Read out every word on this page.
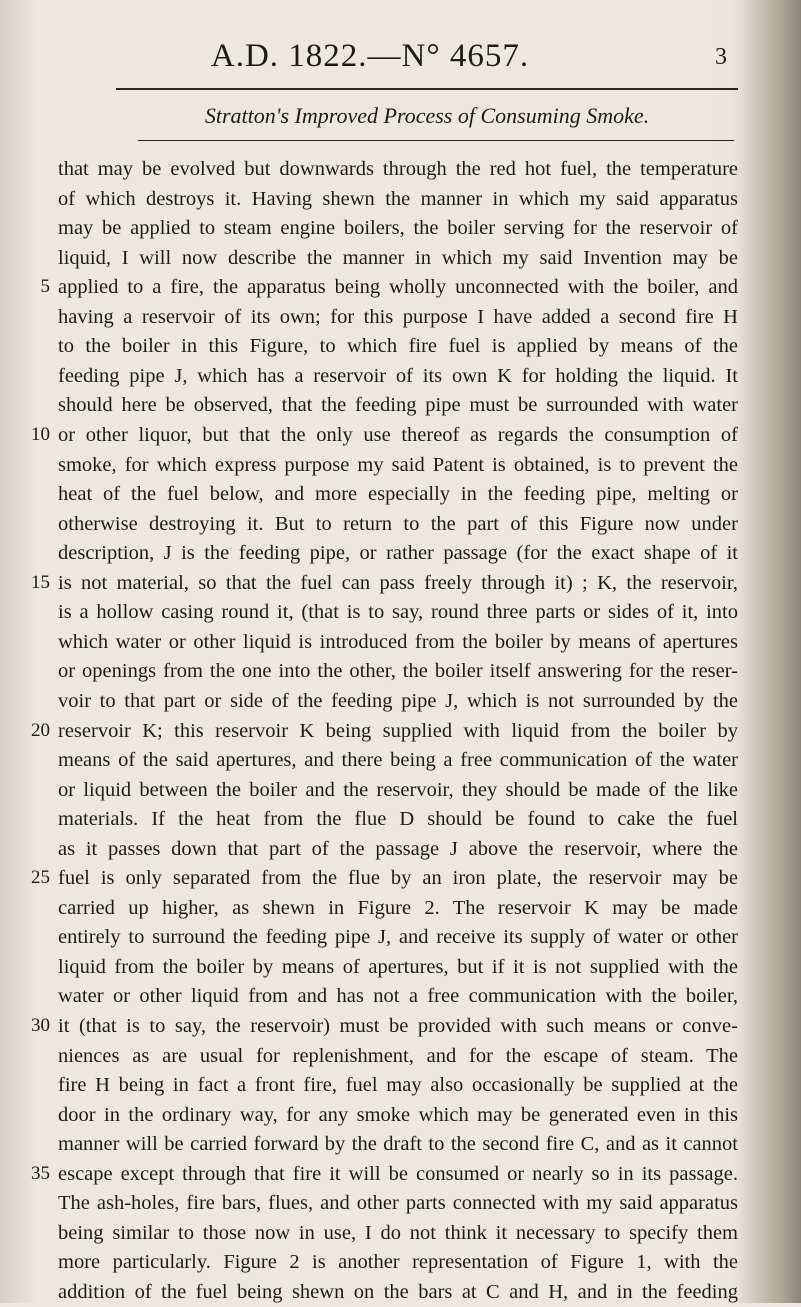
A.D. 1822.—N° 4657.	3
Stratton's Improved Process of Consuming Smoke.
that may be evolved but downwards through the red hot fuel, the temperature
of which destroys it. Having shewn the manner in which my said apparatus
may be applied to steam engine boilers, the boiler serving for the reservoir of
liquid, I will now describe the manner in which my said Invention may be
5 applied to a fire, the apparatus being wholly unconnected with the boiler, and
having a reservoir of its own; for this purpose I have added a second fire H
to the boiler in this Figure, to which fire fuel is applied by means of the
feeding pipe J, which has a reservoir of its own K for holding the liquid. It
should here be observed, that the feeding pipe must be surrounded with water
10 or other liquor, but that the only use thereof as regards the consumption of
smoke, for which express purpose my said Patent is obtained, is to prevent the
heat of the fuel below, and more especially in the feeding pipe, melting or
otherwise destroying it. But to return to the part of this Figure now under
description, J is the feeding pipe, or rather passage (for the exact shape of it
15 is not material, so that the fuel can pass freely through it) ; K, the reservoir,
is a hollow casing round it, (that is to say, round three parts or sides of it, into
which water or other liquid is introduced from the boiler by means of apertures
or openings from the one into the other, the boiler itself answering for the reser-
voir to that part or side of the feeding pipe J, which is not surrounded by the
20 reservoir K; this reservoir K being supplied with liquid from the boiler by
means of the said apertures, and there being a free communication of the water
or liquid between the boiler and the reservoir, they should be made of the like
materials. If the heat from the flue D should be found to cake the fuel
as it passes down that part of the passage J above the reservoir, where the
25 fuel is only separated from the flue by an iron plate, the reservoir may be
carried up higher, as shewn in Figure 2. The reservoir K may be made
entirely to surround the feeding pipe J, and receive its supply of water or other
liquid from the boiler by means of apertures, but if it is not supplied with the
water or other liquid from and has not a free communication with the boiler,
30 it (that is to say, the reservoir) must be provided with such means or conve-
niences as are usual for replenishment, and for the escape of steam. The
fire H being in fact a front fire, fuel may also occasionally be supplied at the
door in the ordinary way, for any smoke which may be generated even in this
manner will be carried forward by the draft to the second fire C, and as it cannot
35 escape except through that fire it will be consumed or nearly so in its passage.
The ash-holes, fire bars, flues, and other parts connected with my said apparatus
being similar to those now in use, I do not think it necessary to specify them
more particularly. Figure 2 is another representation of Figure 1, with the
addition of the fuel being shewn on the bars at C and H, and in the feeding
